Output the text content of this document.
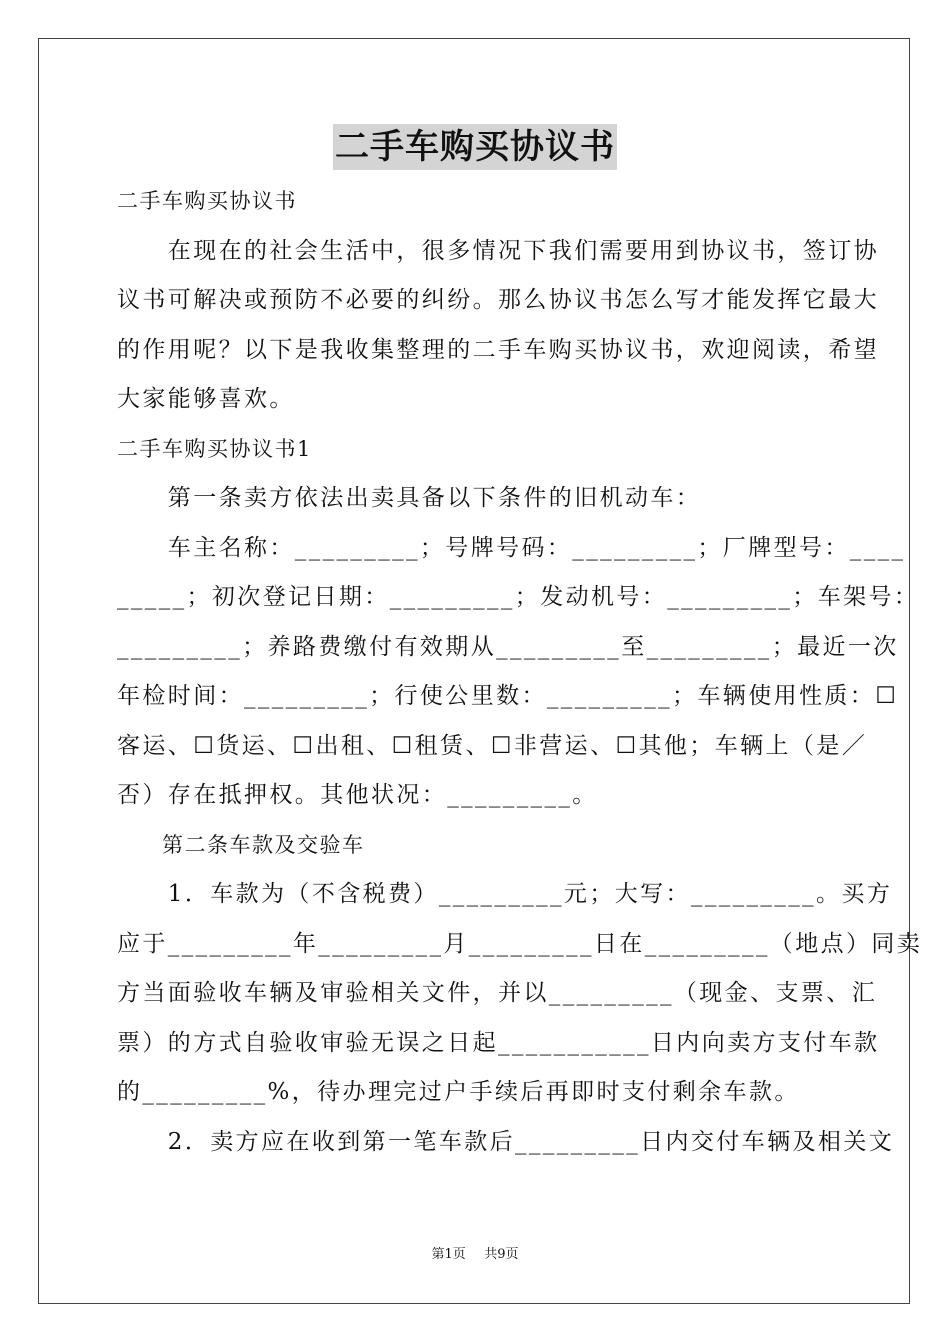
二手车购买协议书

二手车购买协议书

　　在现在的社会生活中，很多情况下我们需要用到协议书，签订协

议书可解决或预防不必要的纠纷。那么协议书怎么写才能发挥它最大

的作用呢？以下是我收集整理的二手车购买协议书，欢迎阅读，希望

大家能够喜欢。

二手车购买协议书1

　　第一条卖方依法出卖具备以下条件的旧机动车：

　　车主名称：_________；号牌号码：_________；厂牌型号：____

_____；初次登记日期：_________；发动机号：_________；车架号：

_________；养路费缴付有效期从_________至_________；最近一次

年检时间：_________；行使公里数：_________；车辆使用性质：☐

客运、☐货运、☐出租、☐租赁、☐非营运、☐其他；车辆上（是／

否）存在抵押权。其他状况：_________。

　　第二条车款及交验车

　　1．车款为（不含税费）_________元；大写：_________。买方

应于_________年_________月_________日在_________（地点）同卖

方当面验收车辆及审验相关文件，并以_________（现金、支票、汇

票）的方式自验收审验无误之日起___________日内向卖方支付车款

的_________%，待办理完过户手续后再即时支付剩余车款。

　　2．卖方应在收到第一笔车款后_________日内交付车辆及相关文

第1页 共9页
